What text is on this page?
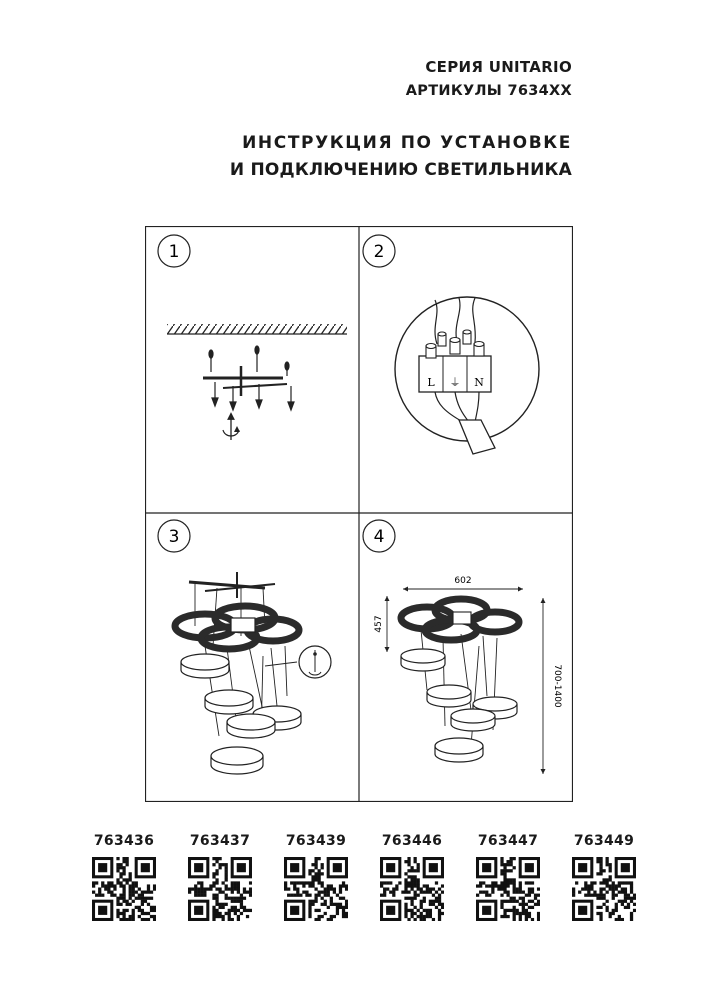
СЕРИЯ UNITARIO
АРТИКУЛЫ 7634XX
ИНСТРУКЦИЯ ПО УСТАНОВКЕ
И ПОДКЛЮЧЕНИЮ СВЕТИЛЬНИКА
1	2
L ⏚ N
3	4
602
457
700-1400
763436	763437	763439	763446	763447	763449
